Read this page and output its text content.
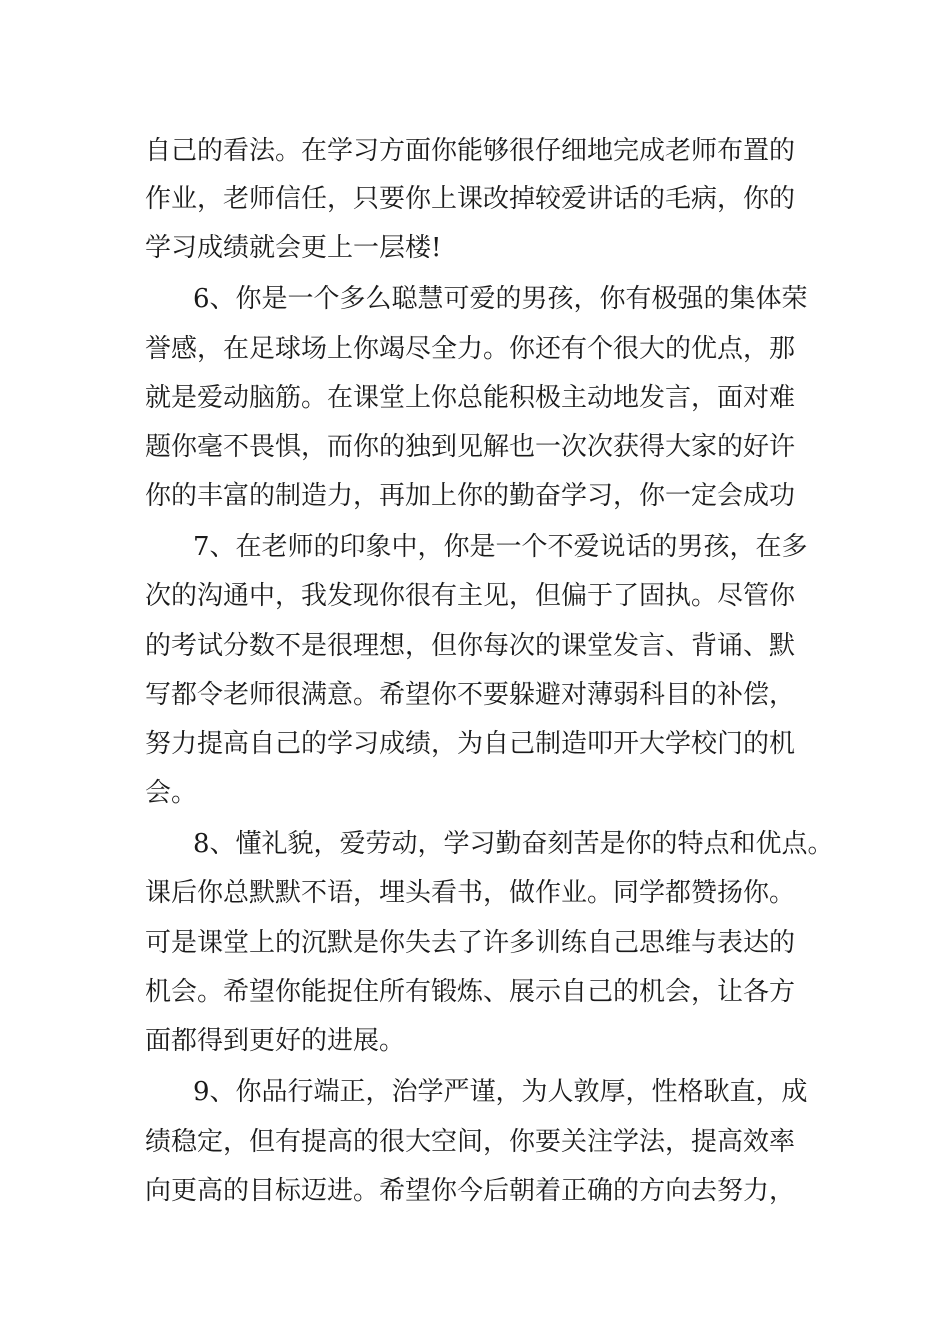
自己的看法。在学习方面你能够很仔细地完成老师布置的
作业，老师信任，只要你上课改掉较爱讲话的毛病，你的
学习成绩就会更上一层楼!
6、你是一个多么聪慧可爱的男孩，你有极强的集体荣
誉感，在足球场上你竭尽全力。你还有个很大的优点，那
就是爱动脑筋。在课堂上你总能积极主动地发言，面对难
题你毫不畏惧，而你的独到见解也一次次获得大家的好许
你的丰富的制造力，再加上你的勤奋学习，你一定会成功
7、在老师的印象中，你是一个不爱说话的男孩，在多
次的沟通中，我发现你很有主见，但偏于了固执。尽管你
的考试分数不是很理想，但你每次的课堂发言、背诵、默
写都令老师很满意。希望你不要躲避对薄弱科目的补偿，
努力提高自己的学习成绩，为自己制造叩开大学校门的机
会。
8、懂礼貌，爱劳动，学习勤奋刻苦是你的特点和优点。
课后你总默默不语，埋头看书，做作业。同学都赞扬你。
可是课堂上的沉默是你失去了许多训练自己思维与表达的
机会。希望你能捉住所有锻炼、展示自己的机会，让各方
面都得到更好的进展。
9、你品行端正，治学严谨，为人敦厚，性格耿直，成
绩稳定，但有提高的很大空间，你要关注学法，提高效率
向更高的目标迈进。希望你今后朝着正确的方向去努力，
